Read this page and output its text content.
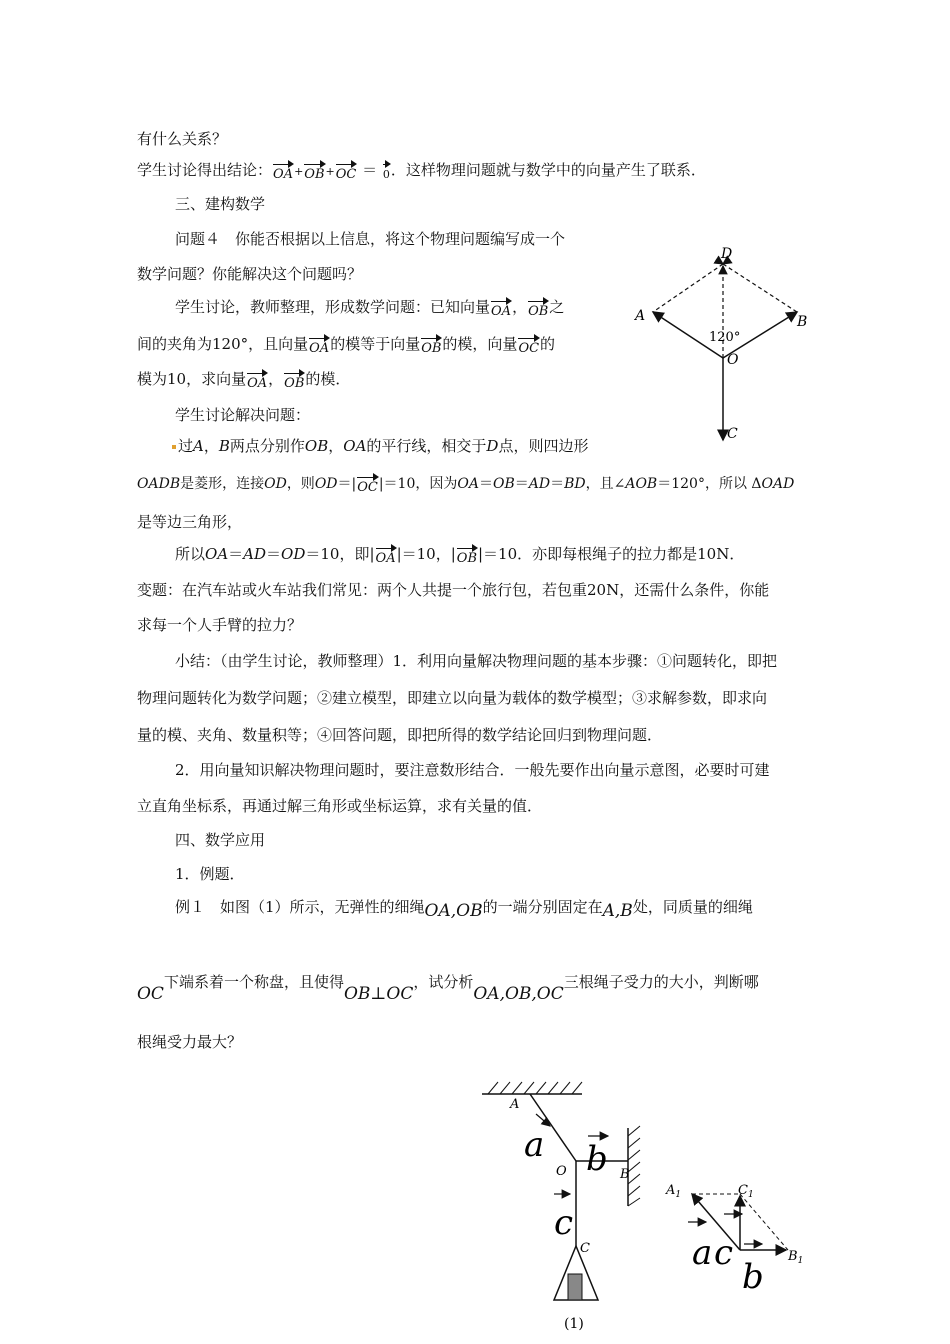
有什么关系？
学生讨论得出结论：OA+OB+OC ＝ 0．这样物理问题就与数学中的向量产生了联系．
三、建构数学
问题４　你能否根据以上信息，将这个物理问题编写成一个
数学问题？你能解决这个问题吗？
学生讨论，教师整理，形成数学问题：已知向量OA，OB之
间的夹角为120°，且向量OA的模等于向量OB的模，向量OC的
模为10，求向量OA，OB的模．
学生讨论解决问题：
过A，B两点分别作OB，OA的平行线，相交于D点，则四边形
OADB是菱形，连接OD，则OD＝|OC|＝10，因为OA＝OB＝AD＝BD，且∠AOB＝120°，所以 ΔOAD
是等边三角形，
所以OA＝AD＝OD＝10，即|OA|＝10，|OB|＝10．亦即每根绳子的拉力都是10N．
变题：在汽车站或火车站我们常见：两个人共提一个旅行包，若包重20N，还需什么条件，你能
求每一个人手臂的拉力？
小结：（由学生讨论，教师整理）1．利用向量解决物理问题的基本步骤：①问题转化，即把
物理问题转化为数学问题；②建立模型，即建立以向量为载体的数学模型；③求解参数，即求向
量的模、夹角、数量积等；④回答问题，即把所得的数学结论回归到物理问题．
2．用向量知识解决物理问题时，要注意数形结合．一般先要作出向量示意图，必要时可建
立直角坐标系，再通过解三角形或坐标运算，求有关量的值．
四、数学应用
1．例题．
例１　如图（1）所示，无弹性的细绳OA,OB的一端分别固定在A,B处，同质量的细绳
OC下端系着一个称盘，且使得OB⊥OC，试分析OA,OB,OC三根绳子受力的大小，判断哪
根绳受力最大？
D
A	B
120°
O
C
A
a
O b B
c
C
(1)
$A_1$	$C_1$
$B_1$
a c
b
